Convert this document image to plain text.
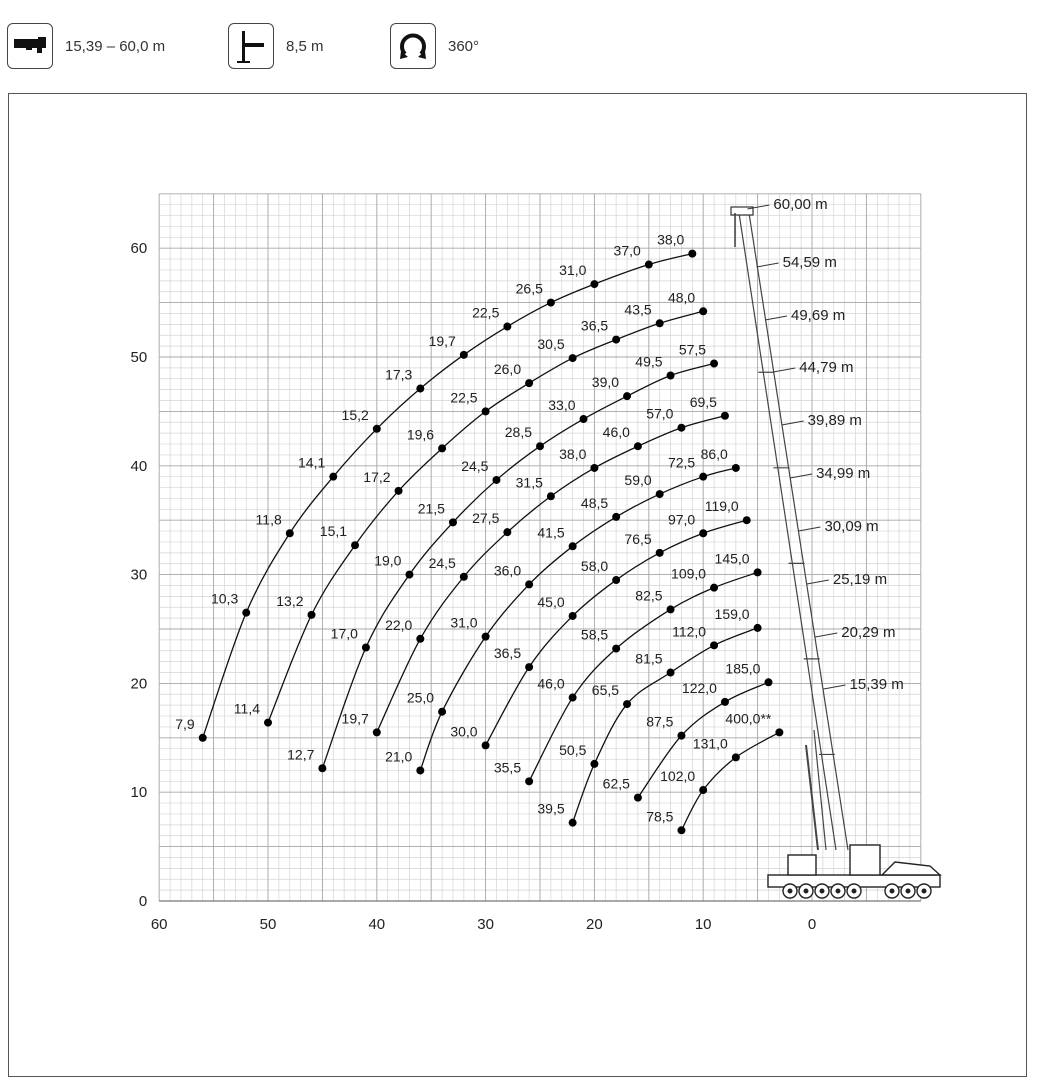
15,39 – 60,0 m	8,5 m	360°
60	50	40	30	20	10	0
0
10
20
30
40
50
60
38,0
37,0
31,0
26,5
22,5
19,7
17,3
15,2
14,1
11,8
10,3
7,9
48,0
43,5
36,5
30,5
26,0
22,5
19,6
17,2
15,1
13,2
11,4
57,5
49,5
39,0
33,0
28,5
24,5
21,5
19,0
17,0
12,7
69,5
57,0
46,0
38,0
31,5
27,5
24,5
22,0
19,7
86,0
72,5
59,0
48,5
41,5
36,0
31,0
25,0
21,0
119,0
97,0
76,5
58,0
45,0
36,5
30,0
145,0
109,0
82,5
58,5
46,0
35,5
159,0
112,0
81,5
65,5
50,5
39,5
185,0
122,0
87,5
62,5
400,0**
131,0
102,0
78,5
60,00 m
54,59 m
49,69 m
44,79 m
39,89 m
34,99 m
30,09 m
25,19 m
20,29 m
15,39 m
